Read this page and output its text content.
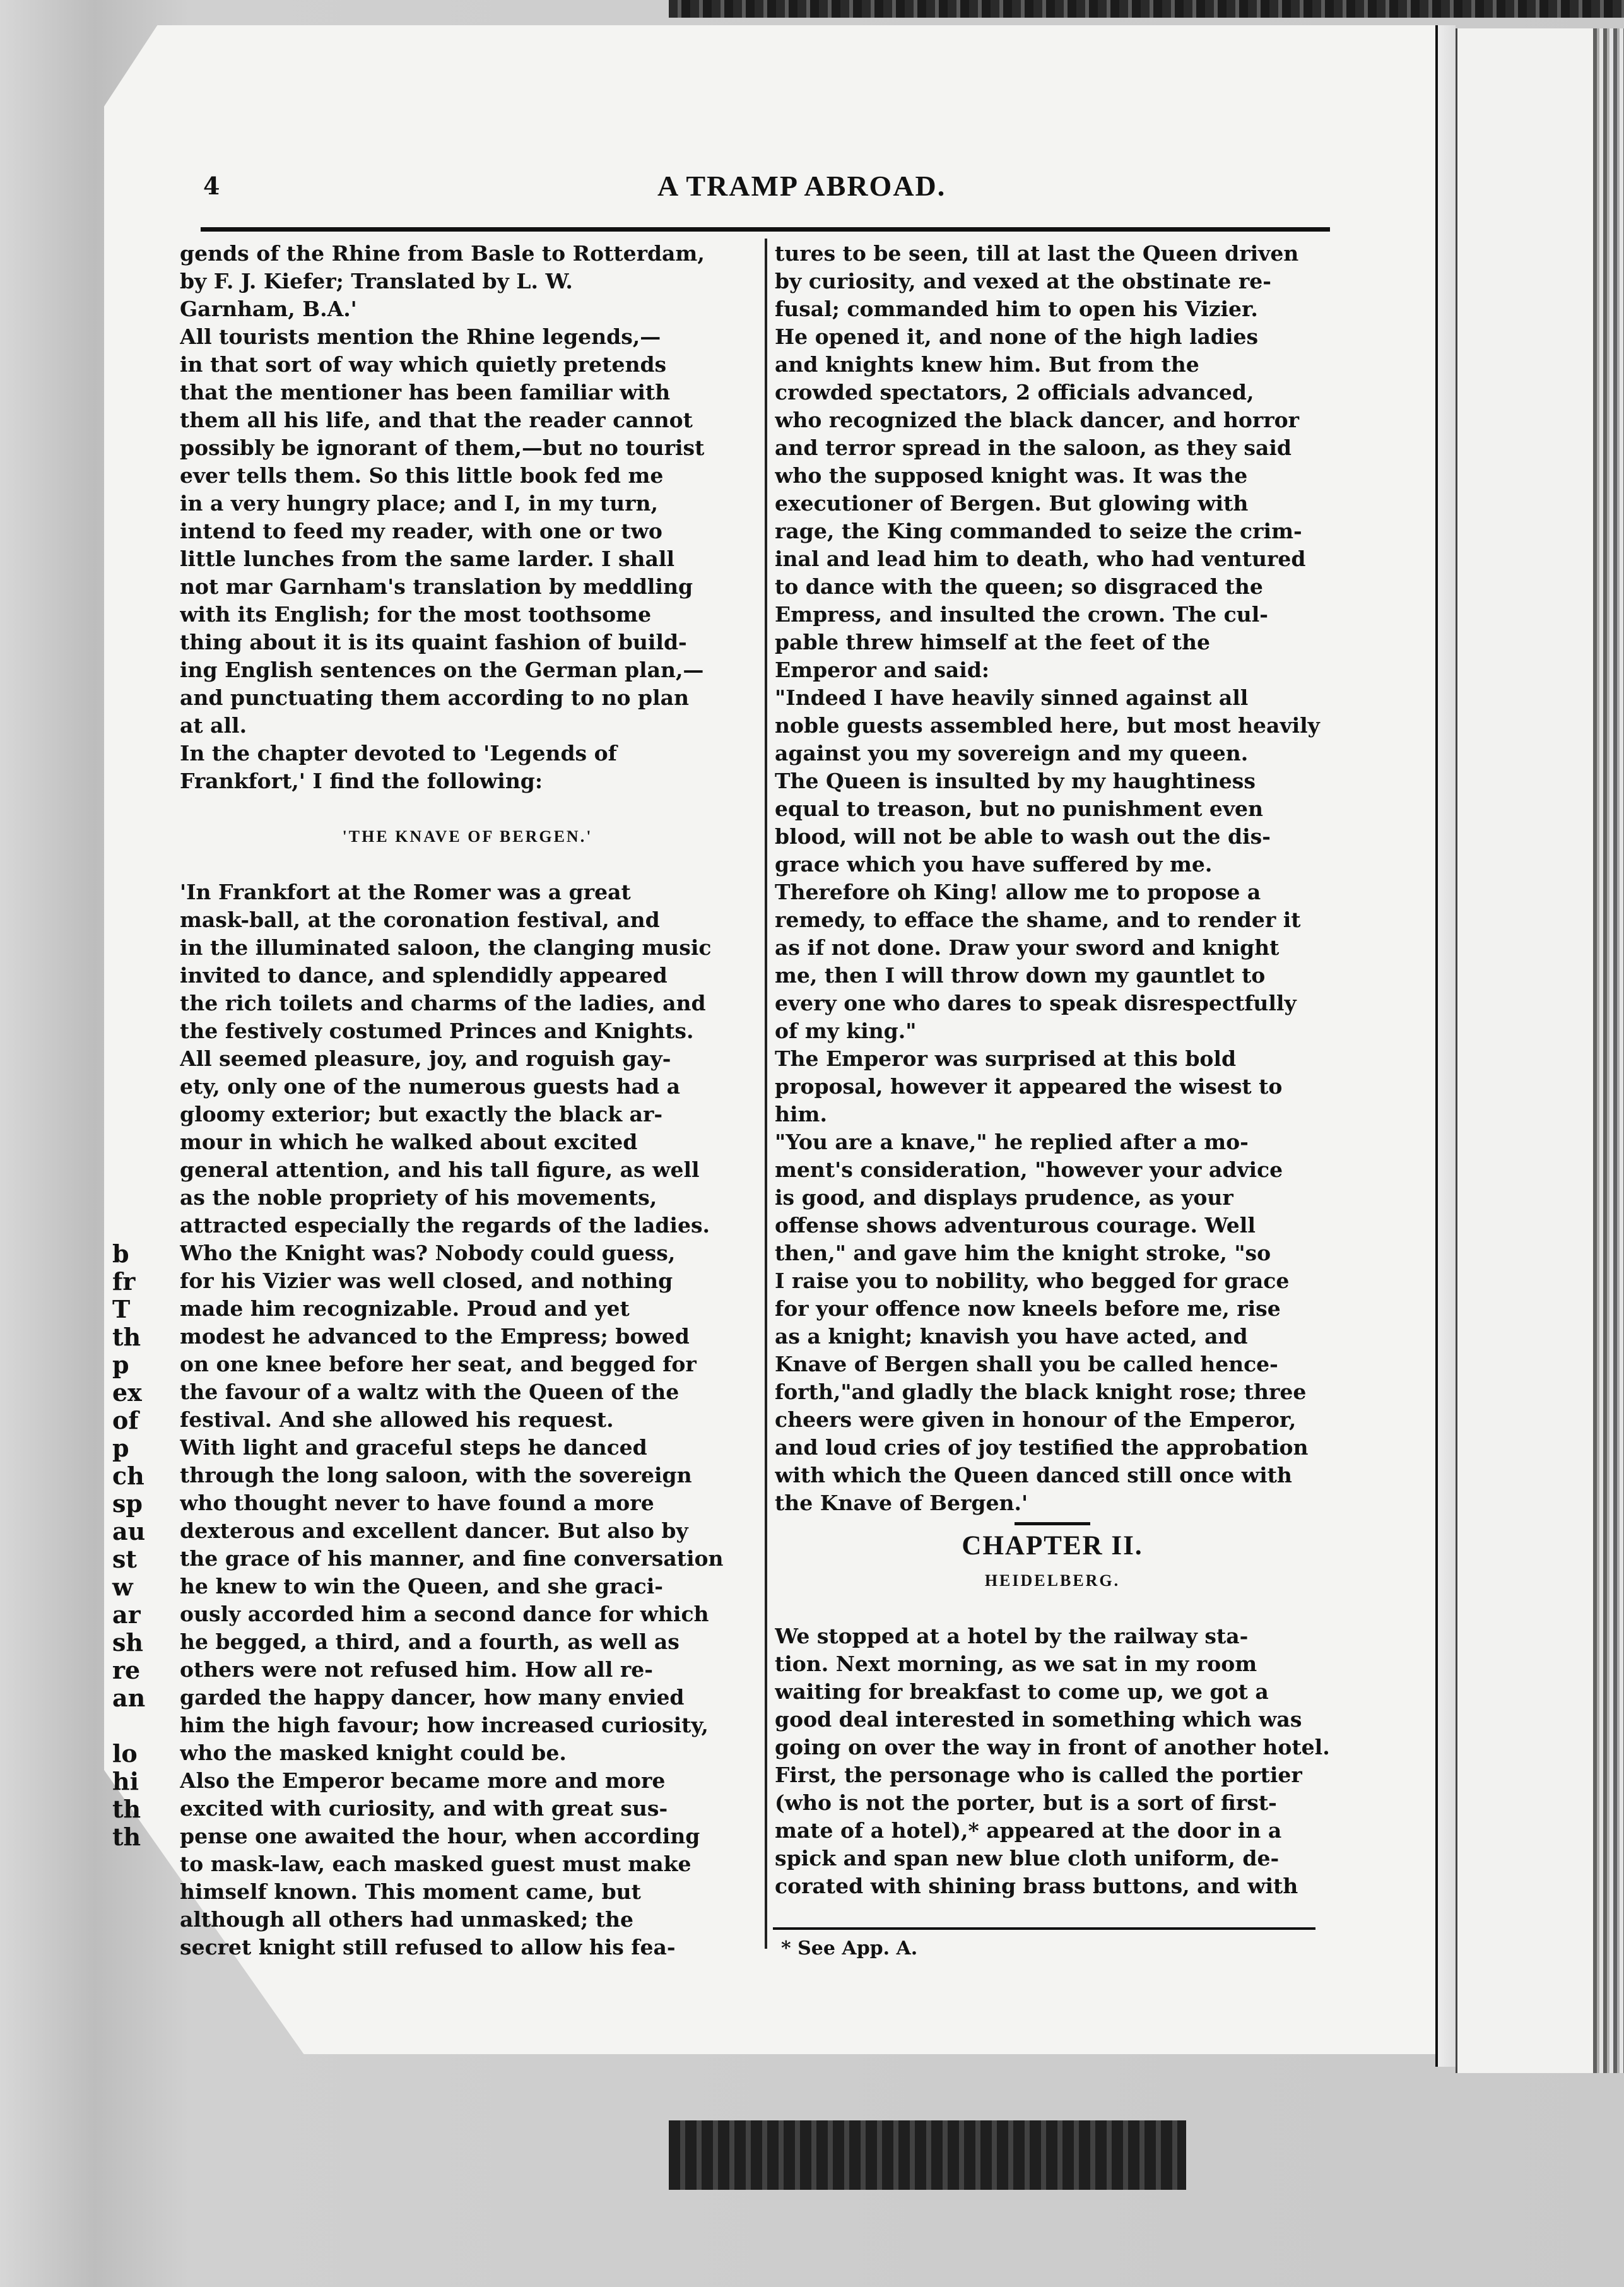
b
fr
T
th
p
ex
of
p
ch
sp
au
st
w
ar
sh
re
an
lo
hi
th
th
4	A TRAMP ABROAD.
gends of the Rhine from Basle to Rotterdam,
by F. J. Kiefer; Translated by L. W.
Garnham, B.A.'
All tourists mention the Rhine legends,—
in that sort of way which quietly pretends
that the mentioner has been familiar with
them all his life, and that the reader cannot
possibly be ignorant of them,—but no tourist
ever tells them. So this little book fed me
in a very hungry place; and I, in my turn,
intend to feed my reader, with one or two
little lunches from the same larder. I shall
not mar Garnham's translation by meddling
with its English; for the most toothsome
thing about it is its quaint fashion of build-
ing English sentences on the German plan,—
and punctuating them according to no plan
at all.
In the chapter devoted to 'Legends of
Frankfort,' I find the following:
'THE KNAVE OF BERGEN.'
'In Frankfort at the Romer was a great
mask-ball, at the coronation festival, and
in the illuminated saloon, the clanging music
invited to dance, and splendidly appeared
the rich toilets and charms of the ladies, and
the festively costumed Princes and Knights.
All seemed pleasure, joy, and roguish gay-
ety, only one of the numerous guests had a
gloomy exterior; but exactly the black ar-
mour in which he walked about excited
general attention, and his tall figure, as well
as the noble propriety of his movements,
attracted especially the regards of the ladies.
Who the Knight was? Nobody could guess,
for his Vizier was well closed, and nothing
made him recognizable. Proud and yet
modest he advanced to the Empress; bowed
on one knee before her seat, and begged for
the favour of a waltz with the Queen of the
festival. And she allowed his request.
With light and graceful steps he danced
through the long saloon, with the sovereign
who thought never to have found a more
dexterous and excellent dancer. But also by
the grace of his manner, and fine conversation
he knew to win the Queen, and she graci-
ously accorded him a second dance for which
he begged, a third, and a fourth, as well as
others were not refused him. How all re-
garded the happy dancer, how many envied
him the high favour; how increased curiosity,
who the masked knight could be.
Also the Emperor became more and more
excited with curiosity, and with great sus-
pense one awaited the hour, when according
to mask-law, each masked guest must make
himself known. This moment came, but
although all others had unmasked; the
secret knight still refused to allow his fea-
tures to be seen, till at last the Queen driven
by curiosity, and vexed at the obstinate re-
fusal; commanded him to open his Vizier.
He opened it, and none of the high ladies
and knights knew him. But from the
crowded spectators, 2 officials advanced,
who recognized the black dancer, and horror
and terror spread in the saloon, as they said
who the supposed knight was. It was the
executioner of Bergen. But glowing with
rage, the King commanded to seize the crim-
inal and lead him to death, who had ventured
to dance with the queen; so disgraced the
Empress, and insulted the crown. The cul-
pable threw himself at the feet of the
Emperor and said:
"Indeed I have heavily sinned against all
noble guests assembled here, but most heavily
against you my sovereign and my queen.
The Queen is insulted by my haughtiness
equal to treason, but no punishment even
blood, will not be able to wash out the dis-
grace which you have suffered by me.
Therefore oh King! allow me to propose a
remedy, to efface the shame, and to render it
as if not done. Draw your sword and knight
me, then I will throw down my gauntlet to
every one who dares to speak disrespectfully
of my king."
The Emperor was surprised at this bold
proposal, however it appeared the wisest to
him.
"You are a knave," he replied after a mo-
ment's consideration, "however your advice
is good, and displays prudence, as your
offense shows adventurous courage. Well
then," and gave him the knight stroke, "so
I raise you to nobility, who begged for grace
for your offence now kneels before me, rise
as a knight; knavish you have acted, and
Knave of Bergen shall you be called hence-
forth,"and gladly the black knight rose; three
cheers were given in honour of the Emperor,
and loud cries of joy testified the approbation
with which the Queen danced still once with
the Knave of Bergen.'
CHAPTER II.
HEIDELBERG.
We stopped at a hotel by the railway sta-
tion. Next morning, as we sat in my room
waiting for breakfast to come up, we got a
good deal interested in something which was
going on over the way in front of another hotel.
First, the personage who is called the portier
(who is not the porter, but is a sort of first-
mate of a hotel),* appeared at the door in a
spick and span new blue cloth uniform, de-
corated with shining brass buttons, and with
* See App. A.
